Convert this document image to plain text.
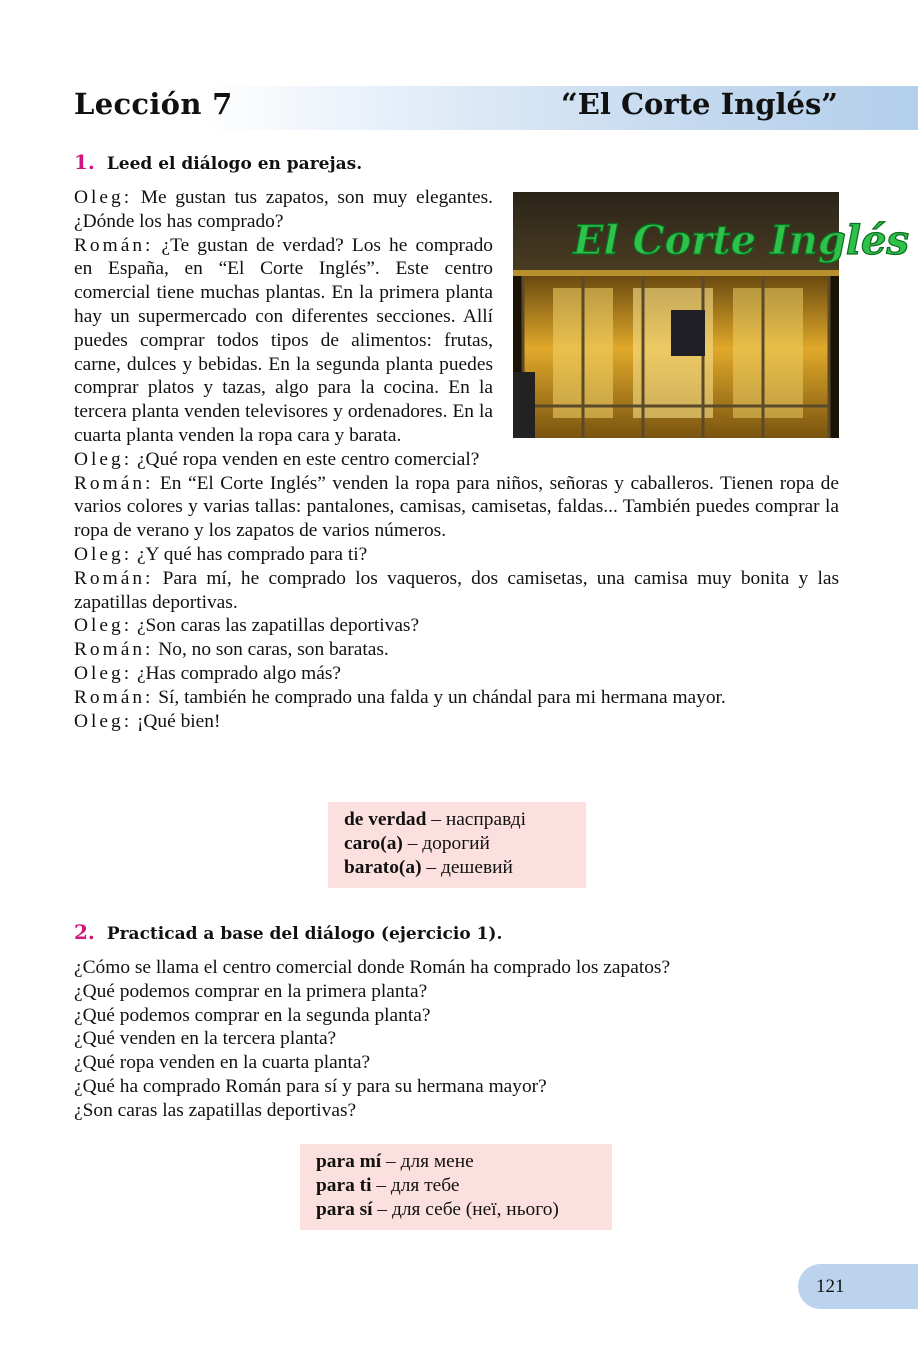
Lección 7	“El Corte Inglés”
1. Leed el diálogo en parejas.
El Corte Inglés

Oleg: Me gustan tus zapatos, son muy elegantes. ¿Dónde los has comprado?

Román: ¿Te gustan de verdad? Los he comprado en España, en “El Corte Inglés”. Este centro comercial tiene muchas plantas. En la primera planta hay un supermercado con diferentes secciones. Allí puedes comprar todos tipos de alimentos: frutas, carne, dulces y bebidas. En la segunda planta puedes comprar platos y tazas, algo para la cocina. En la tercera planta venden televisores y ordenadores. En la cuarta planta venden la ropa cara y barata.

Oleg: ¿Qué ropa venden en este centro comercial?

Román: En “El Corte Inglés” venden la ropa para niños, señoras y caballeros. Tienen ropa de varios colores y varias tallas: pantalones, camisas, camisetas, faldas... También puedes comprar la ropa de verano y los zapatos de varios números.

Oleg: ¿Y qué has comprado para ti?

Román: Para mí, he comprado los vaqueros, dos camisetas, una camisa muy bonita y las zapatillas deportivas.

Oleg: ¿Son caras las zapatillas deportivas?

Román: No, no son caras, son baratas.

Oleg: ¿Has comprado algo más?

Román: Sí, también he comprado una falda y un chándal para mi hermana mayor.

Oleg: ¡Qué bien!

de verdad – насправді
caro(a) – дорогий
barato(a) – дешевий
2. Practicad a base del diálogo (ejercicio 1).
¿Cómo se llama el centro comercial donde Román ha comprado los zapatos?
¿Qué podemos comprar en la primera planta?
¿Qué podemos comprar en la segunda planta?
¿Qué venden en la tercera planta?
¿Qué ropa venden en la cuarta planta?
¿Qué ha comprado Román para sí y para su hermana mayor?
¿Son caras las zapatillas deportivas?
para mí – для мене
para ti – для тебе
para sí – для себе (неї, нього)
121
